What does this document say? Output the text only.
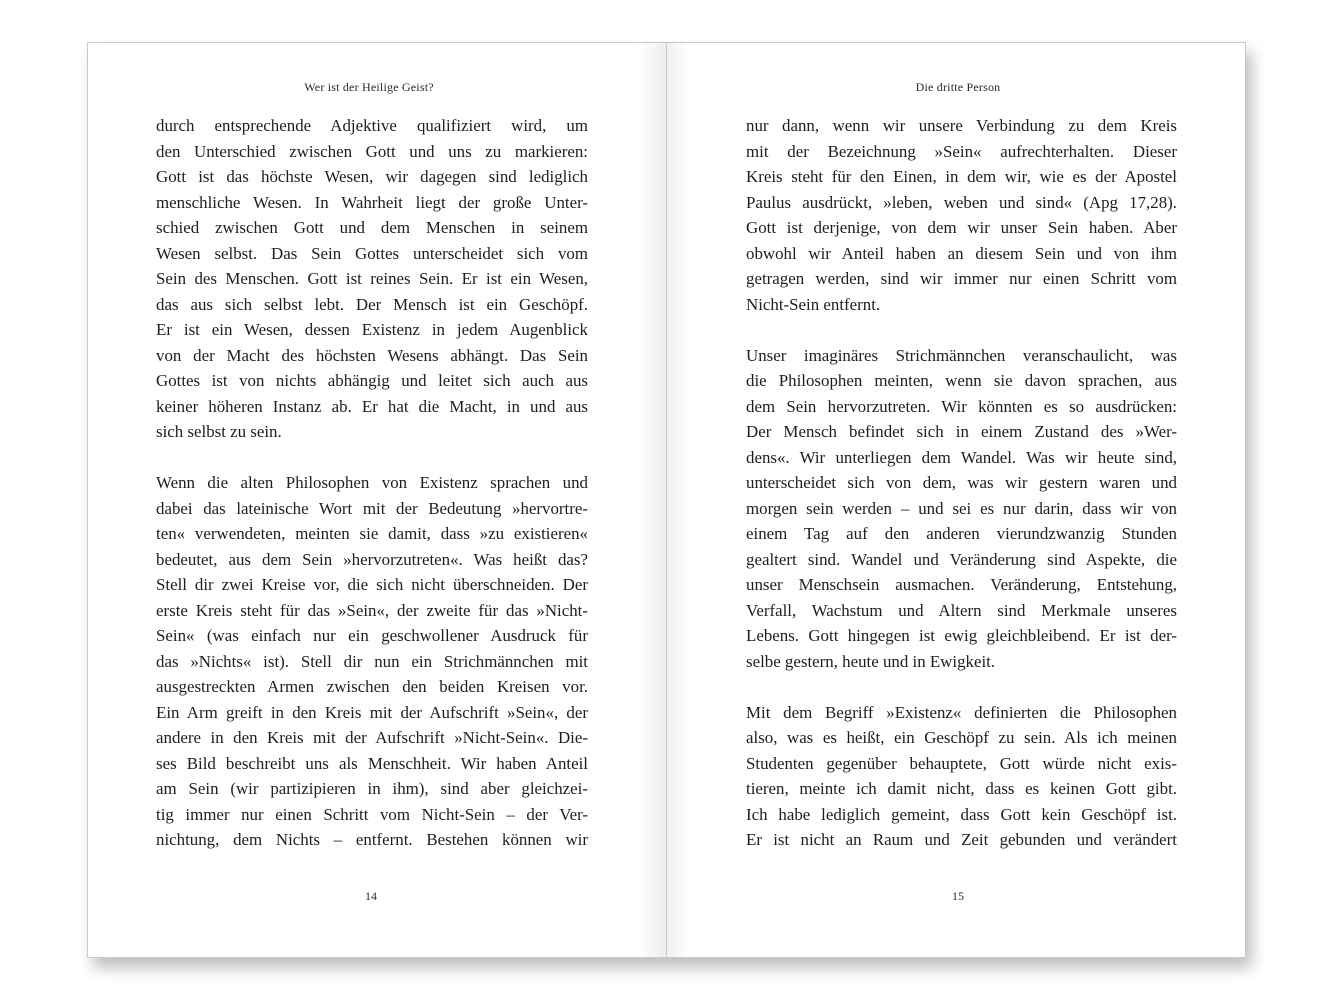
Wer ist der Heilige Geist?
durch entsprechende Adjektive qualifiziert wird, um
den Unterschied zwischen Gott und uns zu markieren:
Gott ist das höchste Wesen, wir dagegen sind lediglich
menschliche Wesen. In Wahrheit liegt der große Unter-
schied zwischen Gott und dem Menschen in seinem
Wesen selbst. Das Sein Gottes unterscheidet sich vom
Sein des Menschen. Gott ist reines Sein. Er ist ein Wesen,
das aus sich selbst lebt. Der Mensch ist ein Geschöpf.
Er ist ein Wesen, dessen Existenz in jedem Augenblick
von der Macht des höchsten Wesens abhängt. Das Sein
Gottes ist von nichts abhängig und leitet sich auch aus
keiner höheren Instanz ab. Er hat die Macht, in und aus
sich selbst zu sein.
Wenn die alten Philosophen von Existenz sprachen und
dabei das lateinische Wort mit der Bedeutung »hervortre-
ten« verwendeten, meinten sie damit, dass »zu existieren«
bedeutet, aus dem Sein »hervorzutreten«. Was heißt das?
Stell dir zwei Kreise vor, die sich nicht überschneiden. Der
erste Kreis steht für das »Sein«, der zweite für das »Nicht-
Sein« (was einfach nur ein geschwollener Ausdruck für
das »Nichts« ist). Stell dir nun ein Strichmännchen mit
ausgestreckten Armen zwischen den beiden Kreisen vor.
Ein Arm greift in den Kreis mit der Aufschrift »Sein«, der
andere in den Kreis mit der Aufschrift »Nicht-Sein«. Die-
ses Bild beschreibt uns als Menschheit. Wir haben Anteil
am Sein (wir partizipieren in ihm), sind aber gleichzei-
tig immer nur einen Schritt vom Nicht-Sein – der Ver-
nichtung, dem Nichts – entfernt. Bestehen können wir
14
Die dritte Person
nur dann, wenn wir unsere Verbindung zu dem Kreis
mit der Bezeichnung »Sein« aufrechterhalten. Dieser
Kreis steht für den Einen, in dem wir, wie es der Apostel
Paulus ausdrückt, »leben, weben und sind« (Apg 17,28).
Gott ist derjenige, von dem wir unser Sein haben. Aber
obwohl wir Anteil haben an diesem Sein und von ihm
getragen werden, sind wir immer nur einen Schritt vom
Nicht-Sein entfernt.
Unser imaginäres Strichmännchen veranschaulicht, was
die Philosophen meinten, wenn sie davon sprachen, aus
dem Sein hervorzutreten. Wir könnten es so ausdrücken:
Der Mensch befindet sich in einem Zustand des »Wer-
dens«. Wir unterliegen dem Wandel. Was wir heute sind,
unterscheidet sich von dem, was wir gestern waren und
morgen sein werden – und sei es nur darin, dass wir von
einem Tag auf den anderen vierundzwanzig Stunden
gealtert sind. Wandel und Veränderung sind Aspekte, die
unser Menschsein ausmachen. Veränderung, Entstehung,
Verfall, Wachstum und Altern sind Merkmale unseres
Lebens. Gott hingegen ist ewig gleichbleibend. Er ist der-
selbe gestern, heute und in Ewigkeit.
Mit dem Begriff »Existenz« definierten die Philosophen
also, was es heißt, ein Geschöpf zu sein. Als ich meinen
Studenten gegenüber behauptete, Gott würde nicht exis-
tieren, meinte ich damit nicht, dass es keinen Gott gibt.
Ich habe lediglich gemeint, dass Gott kein Geschöpf ist.
Er ist nicht an Raum und Zeit gebunden und verändert
15
